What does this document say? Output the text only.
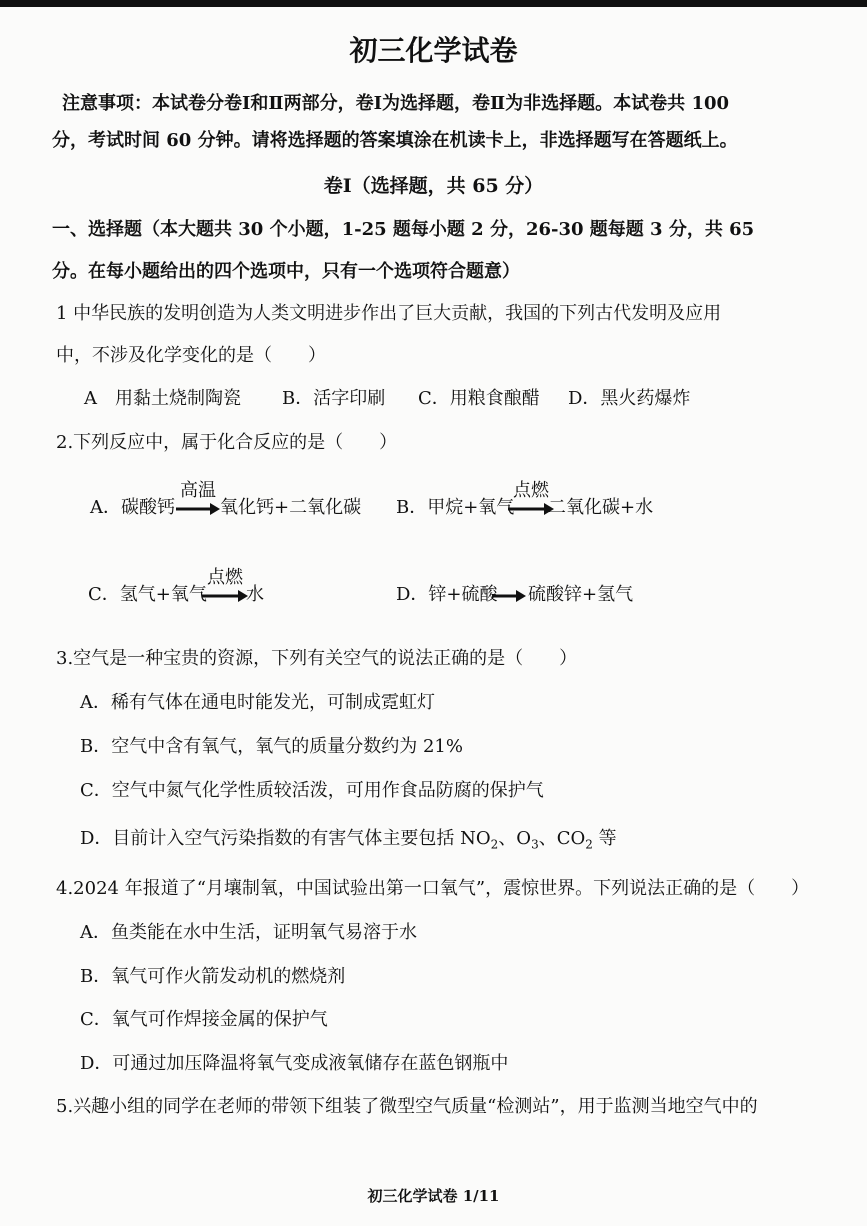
初三化学试卷
注意事项：本试卷分卷Ⅰ和Ⅱ两部分，卷Ⅰ为选择题，卷Ⅱ为非选择题。本试卷共 100
分，考试时间 60 分钟。请将选择题的答案填涂在机读卡上，非选择题写在答题纸上。
卷Ⅰ（选择题，共 65 分）
一、选择题（本大题共 30 个小题，1-25 题每小题 2 分，26-30 题每题 3 分，共 65
分。在每小题给出的四个选项中，只有一个选项符合题意）
1 中华民族的发明创造为人类文明进步作出了巨大贡献，我国的下列古代发明及应用
中，不涉及化学变化的是（　　）
A　用黏土烧制陶瓷 B．活字印刷 C．用粮食酿醋 D．黑火药爆炸
2.下列反应中，属于化合反应的是（　　）
A．碳酸钙
高温
氧化钙+二氧化碳 B．甲烷+氧气
点燃
二氧化碳+水
C．氢气+氧气
点燃
水	D．锌+硫酸 硫酸锌+氢气
3.空气是一种宝贵的资源，下列有关空气的说法正确的是（　　）
A．稀有气体在通电时能发光，可制成霓虹灯
B．空气中含有氧气，氧气的质量分数约为 21%
C．空气中氮气化学性质较活泼，可用作食品防腐的保护气
D．目前计入空气污染指数的有害气体主要包括 $NO_2$、$O_3$、$CO_2$ 等
4.2024 年报道了“月壤制氧，中国试验出第一口氧气”，震惊世界。下列说法正确的是（　　）
A．鱼类能在水中生活，证明氧气易溶于水
B．氧气可作火箭发动机的燃烧剂
C．氧气可作焊接金属的保护气
D．可通过加压降温将氧气变成液氧储存在蓝色钢瓶中
5.兴趣小组的同学在老师的带领下组装了微型空气质量“检测站”，用于监测当地空气中的
初三化学试卷 1/11
